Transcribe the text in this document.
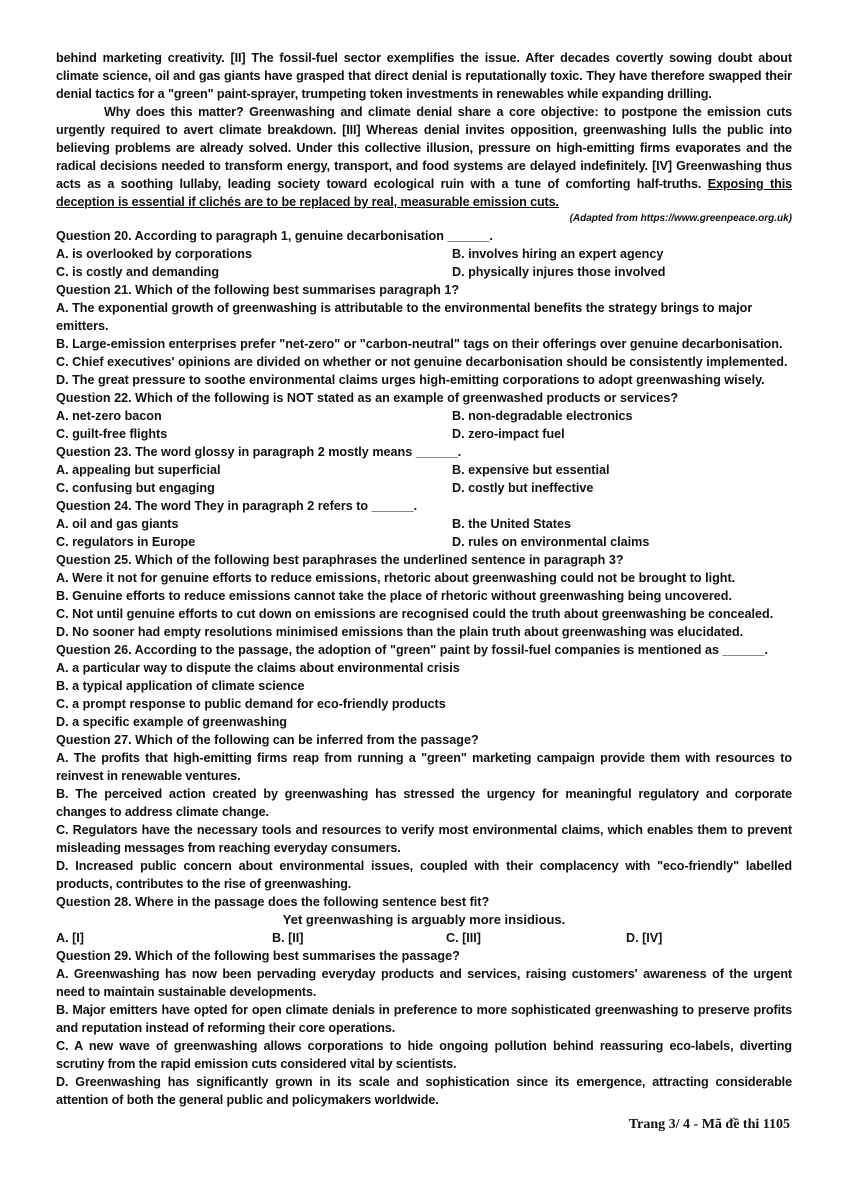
behind marketing creativity. [II] The fossil-fuel sector exemplifies the issue. After decades covertly sowing doubt about climate science, oil and gas giants have grasped that direct denial is reputationally toxic. They have therefore swapped their denial tactics for a "green" paint-sprayer, trumpeting token investments in renewables while expanding drilling.

Why does this matter? Greenwashing and climate denial share a core objective: to postpone the emission cuts urgently required to avert climate breakdown. [III] Whereas denial invites opposition, greenwashing lulls the public into believing problems are already solved. Under this collective illusion, pressure on high-emitting firms evaporates and the radical decisions needed to transform energy, transport, and food systems are delayed indefinitely. [IV] Greenwashing thus acts as a soothing lullaby, leading society toward ecological ruin with a tune of comforting half-truths. Exposing this deception is essential if clichés are to be replaced by real, measurable emission cuts.

(Adapted from https://www.greenpeace.org.uk)

Question 20. According to paragraph 1, genuine decarbonisation ______.

A. is overlooked by corporations	B. involves hiring an expert agency
C. is costly and demanding	D. physically injures those involved

Question 21. Which of the following best summarises paragraph 1?

A. The exponential growth of greenwashing is attributable to the environmental benefits the strategy brings to major emitters.

B. Large-emission enterprises prefer "net-zero" or "carbon-neutral" tags on their offerings over genuine decarbonisation.

C. Chief executives' opinions are divided on whether or not genuine decarbonisation should be consistently implemented.

D. The great pressure to soothe environmental claims urges high-emitting corporations to adopt greenwashing wisely.

Question 22. Which of the following is NOT stated as an example of greenwashed products or services?

A. net-zero bacon	B. non-degradable electronics
C. guilt-free flights	D. zero-impact fuel

Question 23. The word glossy in paragraph 2 mostly means ______.

A. appealing but superficial	B. expensive but essential
C. confusing but engaging	D. costly but ineffective

Question 24. The word They in paragraph 2 refers to ______.

A. oil and gas giants	B. the United States
C. regulators in Europe	D. rules on environmental claims

Question 25. Which of the following best paraphrases the underlined sentence in paragraph 3?

A. Were it not for genuine efforts to reduce emissions, rhetoric about greenwashing could not be brought to light.

B. Genuine efforts to reduce emissions cannot take the place of rhetoric without greenwashing being uncovered.

C. Not until genuine efforts to cut down on emissions are recognised could the truth about greenwashing be concealed.

D. No sooner had empty resolutions minimised emissions than the plain truth about greenwashing was elucidated.

Question 26. According to the passage, the adoption of "green" paint by fossil-fuel companies is mentioned as ______.

A. a particular way to dispute the claims about environmental crisis

B. a typical application of climate science

C. a prompt response to public demand for eco-friendly products

D. a specific example of greenwashing

Question 27. Which of the following can be inferred from the passage?

A. The profits that high-emitting firms reap from running a "green" marketing campaign provide them with resources to reinvest in renewable ventures.

B. The perceived action created by greenwashing has stressed the urgency for meaningful regulatory and corporate changes to address climate change.

C. Regulators have the necessary tools and resources to verify most environmental claims, which enables them to prevent misleading messages from reaching everyday consumers.

D. Increased public concern about environmental issues, coupled with their complacency with "eco-friendly" labelled products, contributes to the rise of greenwashing.

Question 28. Where in the passage does the following sentence best fit?

Yet greenwashing is arguably more insidious.

A. [I]	B. [II]	C. [III]	D. [IV]

Question 29. Which of the following best summarises the passage?

A. Greenwashing has now been pervading everyday products and services, raising customers' awareness of the urgent need to maintain sustainable developments.

B. Major emitters have opted for open climate denials in preference to more sophisticated greenwashing to preserve profits and reputation instead of reforming their core operations.

C. A new wave of greenwashing allows corporations to hide ongoing pollution behind reassuring eco-labels, diverting scrutiny from the rapid emission cuts considered vital by scientists.

D. Greenwashing has significantly grown in its scale and sophistication since its emergence, attracting considerable attention of both the general public and policymakers worldwide.

Trang 3/ 4 - Mã đề thi 1105
